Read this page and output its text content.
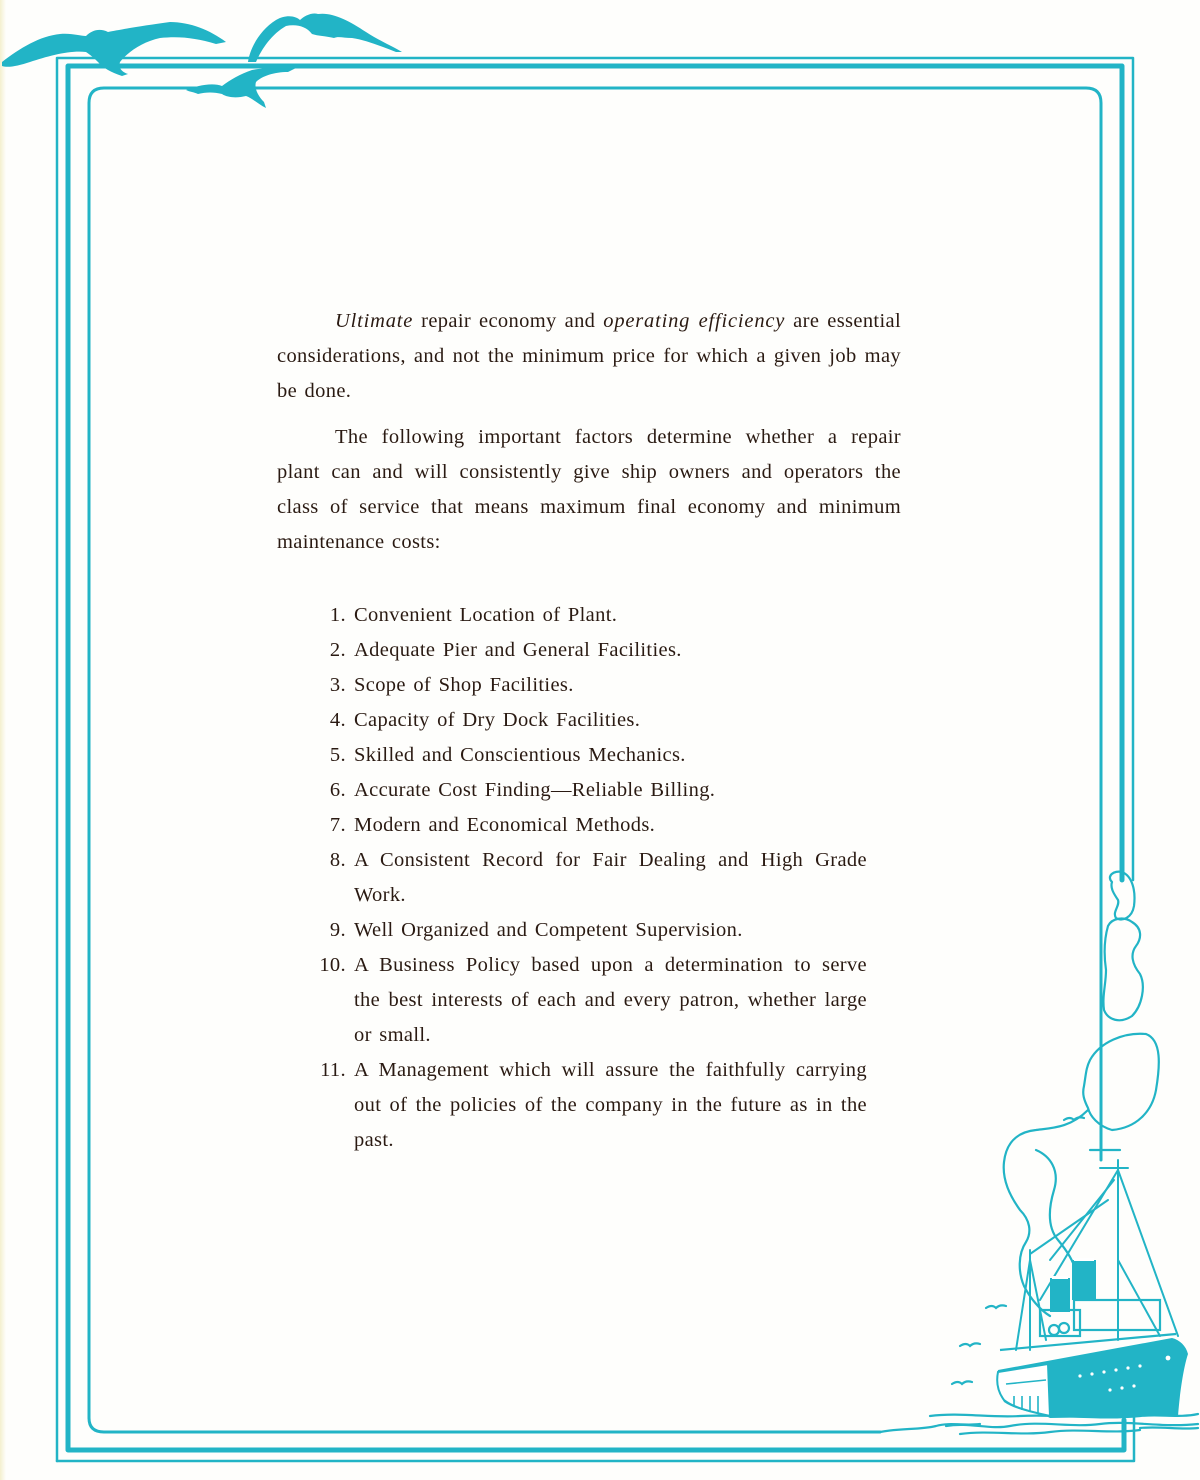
Ultimate repair economy and operating efficiency are essential considerations, and not the minimum price for which a given job may be done.

The following important factors determine whether a repair plant can and will consistently give ship owners and operators the class of service that means maximum final economy and minimum maintenance costs:

1. Convenient Location of Plant.
2. Adequate Pier and General Facilities.
3. Scope of Shop Facilities.
4. Capacity of Dry Dock Facilities.
5. Skilled and Conscientious Mechanics.
6. Accurate Cost Finding—Reliable Billing.
7. Modern and Economical Methods.
8. A Consistent Record for Fair Dealing and High Grade Work.
9. Well Organized and Competent Supervision.
10. A Business Policy based upon a determination to serve the best interests of each and every patron, whether large or small.
11. A Management which will assure the faithfully carrying out of the policies of the company in the future as in the past.
